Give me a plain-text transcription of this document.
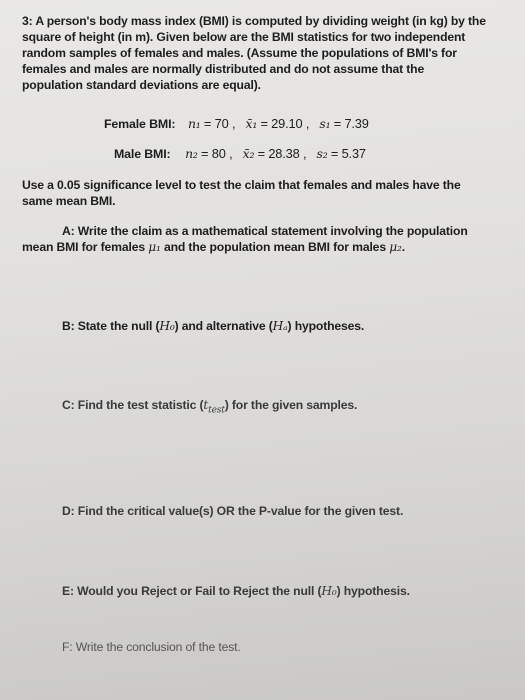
3: A person's body mass index (BMI) is computed by dividing weight (in kg) by the
square of height (in m). Given below are the BMI statistics for two independent
random samples of females and males. (Assume the populations of BMI's for
females and males are normally distributed and do not assume that the
population standard deviations are equal).
Female BMI: n₁ = 70 ,   x̄₁ = 29.10 ,   s₁ = 7.39
Male BMI: n₂ = 80 ,   x̄₂ = 28.38 ,   s₂ = 5.37
Use a 0.05 significance level to test the claim that females and males have the
same mean BMI.
A: Write the claim as a mathematical statement involving the population
mean BMI for females μ₁ and the population mean BMI for males μ₂.
B: State the null (H₀) and alternative (Hₐ) hypotheses.
C: Find the test statistic $(t_{test})$ for the given samples.
D: Find the critical value(s) OR the P-value for the given test.
E: Would you Reject or Fail to Reject the null (H₀) hypothesis.
F: Write the conclusion of the test.
